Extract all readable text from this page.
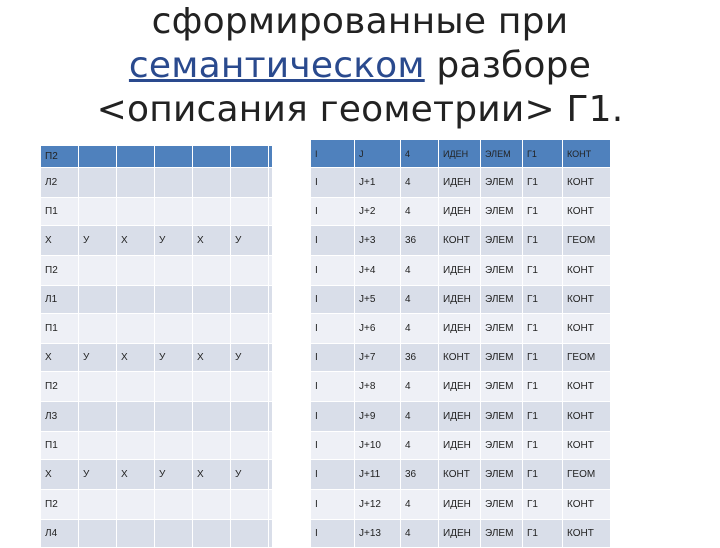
сформированные при
семантическом разборе
<описания геометрии> Г1.
П2						
Л2						
П1						
Х	У	Х	У	Х	У	
П2						
Л1						
П1						
Х	У	Х	У	Х	У	
П2						
Л3						
П1						
Х	У	Х	У	Х	У	
П2						
Л4						
I	J	4	ИДЕН	ЭЛЕМ	Г1	КОНТ
I	J+1	4	ИДЕН	ЭЛЕМ	Г1	КОНТ
I	J+2	4	ИДЕН	ЭЛЕМ	Г1	КОНТ
I	J+3	36	КОНТ	ЭЛЕМ	Г1	ГЕОМ
I	J+4	4	ИДЕН	ЭЛЕМ	Г1	КОНТ
I	J+5	4	ИДЕН	ЭЛЕМ	Г1	КОНТ
I	J+6	4	ИДЕН	ЭЛЕМ	Г1	КОНТ
I	J+7	36	КОНТ	ЭЛЕМ	Г1	ГЕОМ
I	J+8	4	ИДЕН	ЭЛЕМ	Г1	КОНТ
I	J+9	4	ИДЕН	ЭЛЕМ	Г1	КОНТ
I	J+10	4	ИДЕН	ЭЛЕМ	Г1	КОНТ
I	J+11	36	КОНТ	ЭЛЕМ	Г1	ГЕОМ
I	J+12	4	ИДЕН	ЭЛЕМ	Г1	КОНТ
I	J+13	4	ИДЕН	ЭЛЕМ	Г1	КОНТ
